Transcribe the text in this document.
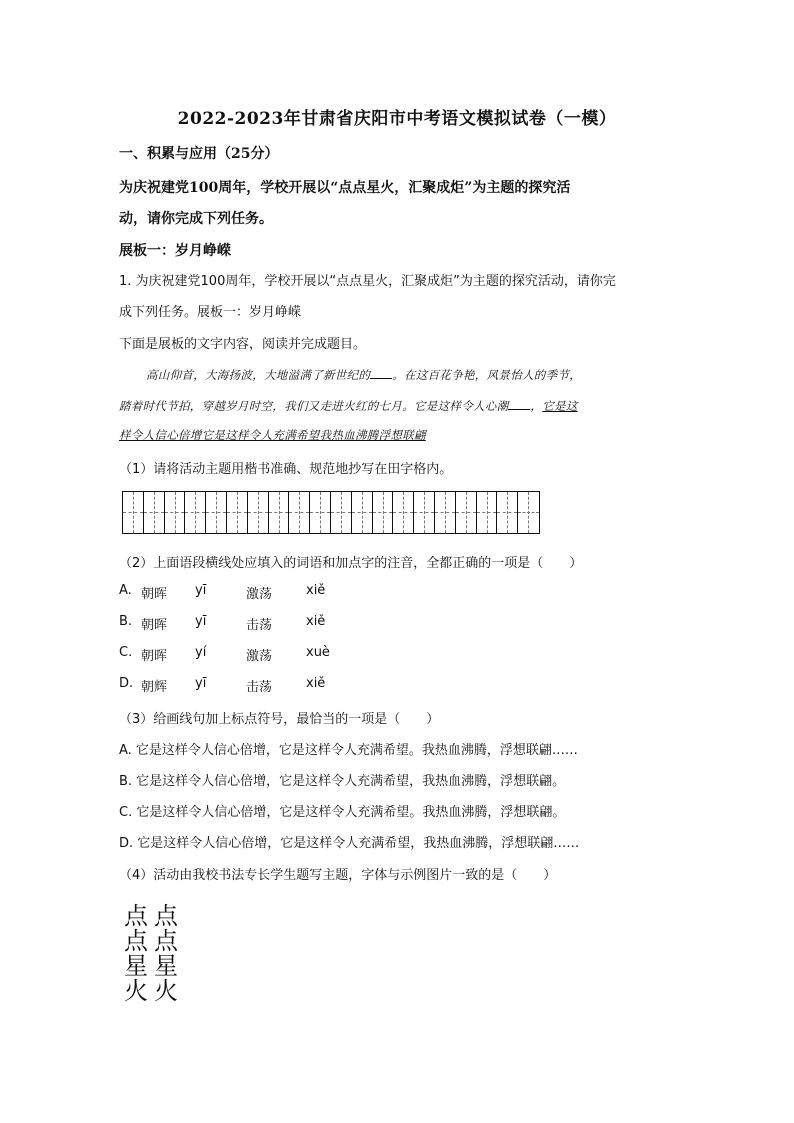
2022-2023年甘肃省庆阳市中考语文模拟试卷（一模）
一、积累与应用（25分）
为庆祝建党100周年，学校开展以“点点星火，汇聚成炬”为主题的探究活
动，请你完成下列任务。
展板一：岁月峥嵘
1. 为庆祝建党100周年，学校开展以“点点星火，汇聚成炬”为主题的探究活动，请你完
成下列任务。展板一：岁月峥嵘
下面是展板的文字内容，阅读并完成题目。
高山仰首，大海扬波，大地溢满了新世纪的 。在这百花争艳，风景怡人的季节，
踏着时代节拍，穿越岁月时空，我们又走进火红的七月。它是这样令人心潮 ，它是这
样令人信心倍增它是这样令人充满希望我热血沸腾浮想联翩
（1）请将活动主题用楷书准确、规范地抄写在田字格内。
（2）上面语段横线处应填入的词语和加点字的注音，全都正确的一项是（　　）
A. 朝晖 yī	激荡	xiě
B. 朝晖 yī	击荡	xiě
C. 朝晖 yí	激荡	xuè
D. 朝辉 yī	击荡	xiě
（3）给画线句加上标点符号，最恰当的一项是（　　）
A. 它是这样令人信心倍增，它是这样令人充满希望。我热血沸腾，浮想联翩……
B. 它是这样令人信心倍增，它是这样令人充满希望，我热血沸腾，浮想联翩。
C. 它是这样令人信心倍增，它是这样令人充满希望。我热血沸腾，浮想联翩。
D. 它是这样令人信心倍增，它是这样令人充满希望，我热血沸腾，浮想联翩……
（4）活动由我校书法专长学生题写主题，字体与示例图片一致的是（　　）
点 点
点 点
星 星
火 火
